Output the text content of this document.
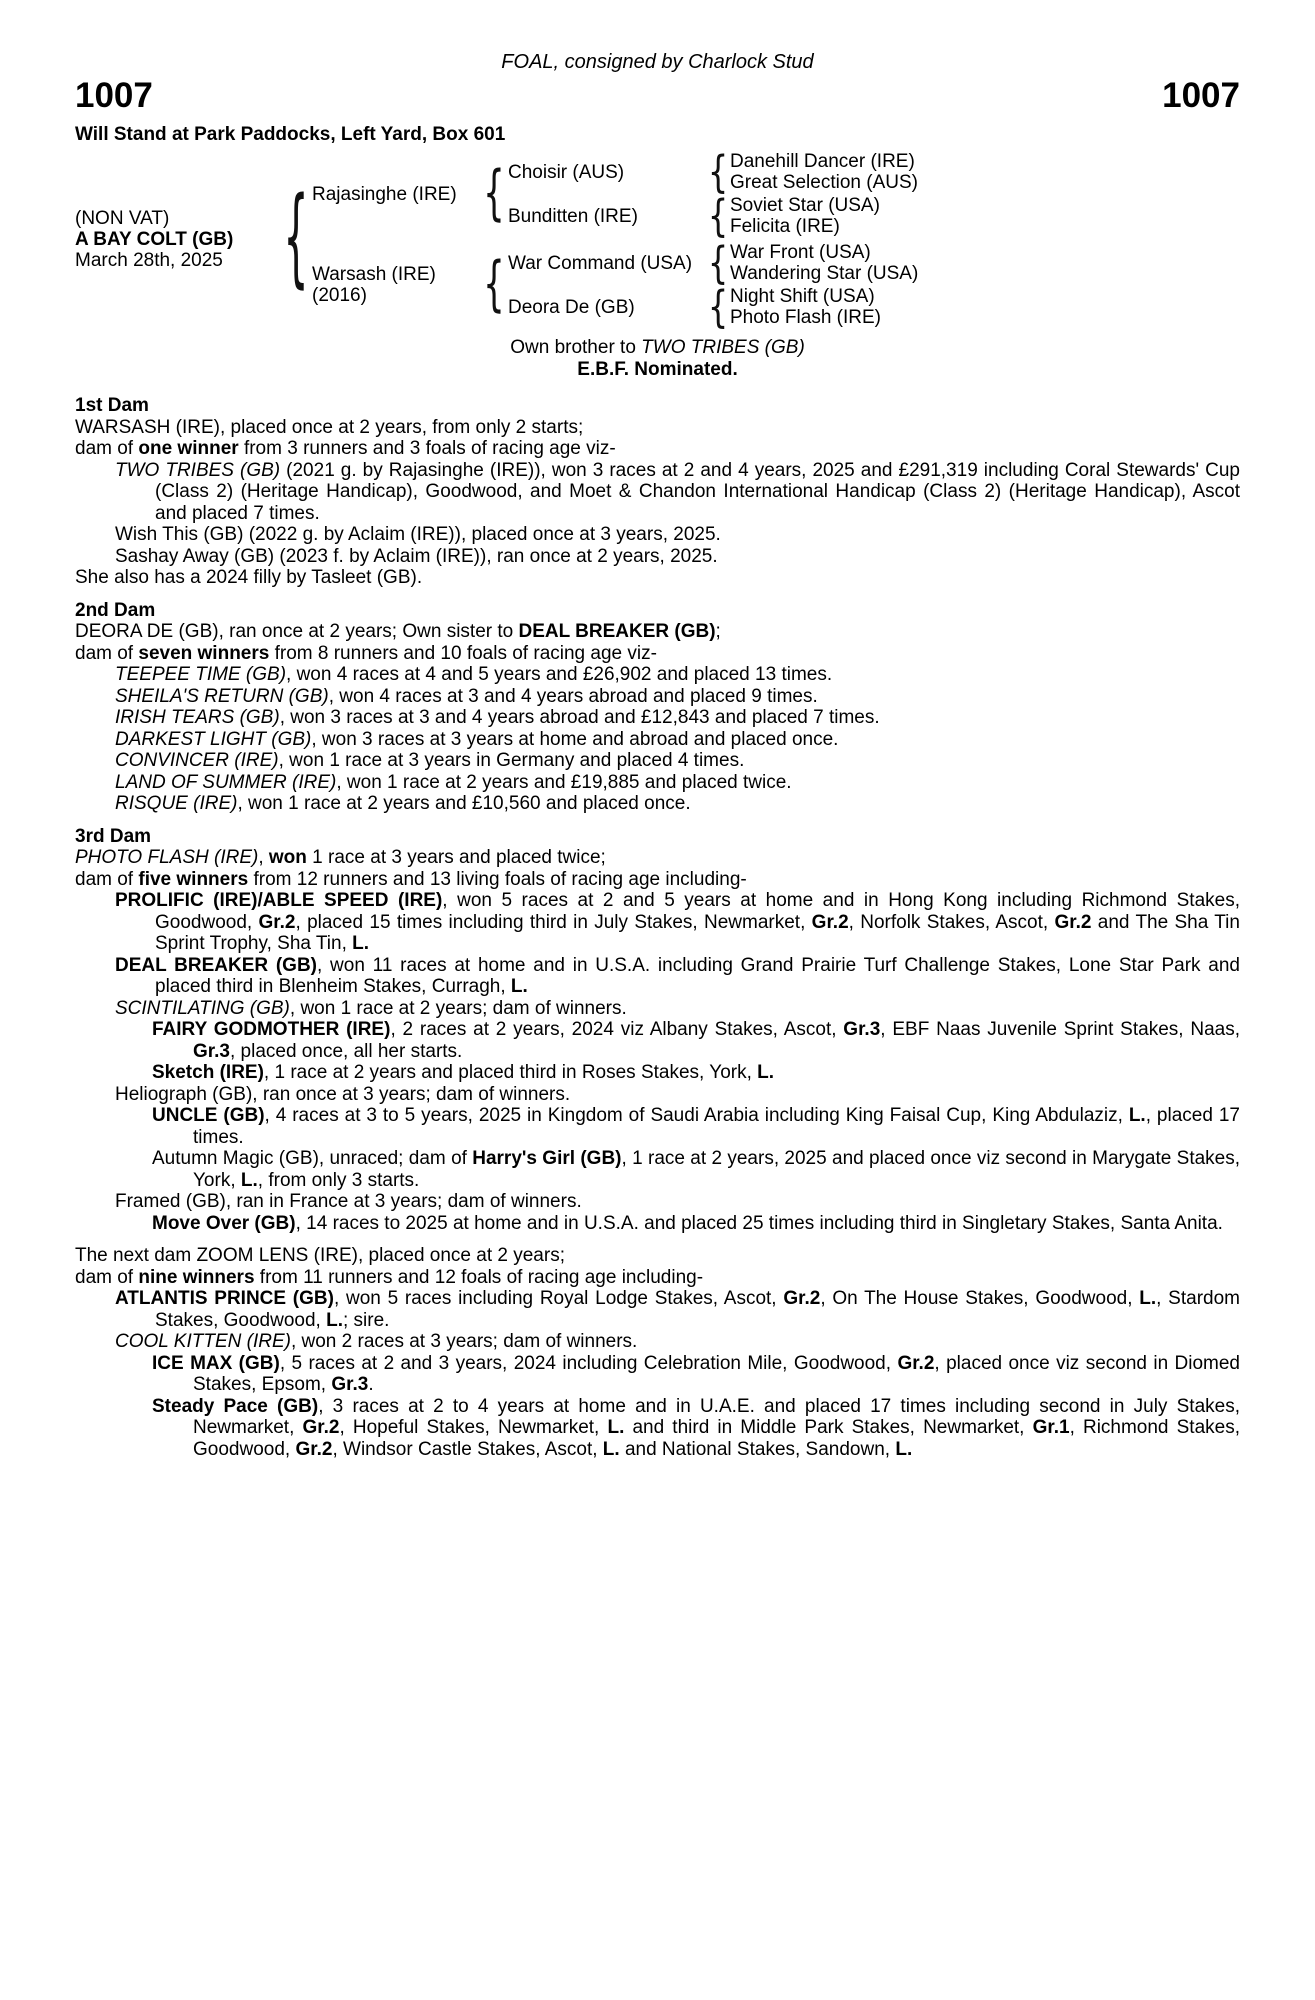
FOAL, consigned by Charlock Stud
1007	1007
Will Stand at Park Paddocks, Left Yard, Box 601
(NON VAT)
A BAY COLT (GB)
March 28th, 2025	{ Rajasinghe (IRE) { Choisir (AUS)	{ Danehill Dancer (IRE)
Great Selection (AUS)
Bunditten (IRE)	{ Soviet Star (USA)
Felicita (IRE)
Warsash (IRE)
(2016)	{ War Command (USA) { War Front (USA)
Wandering Star (USA)
Deora De (GB)	{ Night Shift (USA)
Photo Flash (IRE)
Own brother to TWO TRIBES (GB)
E.B.F. Nominated.
1st Dam
WARSASH (IRE), placed once at 2 years, from only 2 starts;
dam of one winner from 3 runners and 3 foals of racing age viz-
TWO TRIBES (GB) (2021 g. by Rajasinghe (IRE)), won 3 races at 2 and 4 years, 2025 and £291,319 including Coral Stewards' Cup (Class 2) (Heritage Handicap), Goodwood, and Moet & Chandon International Handicap (Class 2) (Heritage Handicap), Ascot and placed 7 times.
Wish This (GB) (2022 g. by Aclaim (IRE)), placed once at 3 years, 2025.
Sashay Away (GB) (2023 f. by Aclaim (IRE)), ran once at 2 years, 2025.
She also has a 2024 filly by Tasleet (GB).
2nd Dam
DEORA DE (GB), ran once at 2 years; Own sister to DEAL BREAKER (GB);
dam of seven winners from 8 runners and 10 foals of racing age viz-
TEEPEE TIME (GB), won 4 races at 4 and 5 years and £26,902 and placed 13 times.
SHEILA'S RETURN (GB), won 4 races at 3 and 4 years abroad and placed 9 times.
IRISH TEARS (GB), won 3 races at 3 and 4 years abroad and £12,843 and placed 7 times.
DARKEST LIGHT (GB), won 3 races at 3 years at home and abroad and placed once.
CONVINCER (IRE), won 1 race at 3 years in Germany and placed 4 times.
LAND OF SUMMER (IRE), won 1 race at 2 years and £19,885 and placed twice.
RISQUE (IRE), won 1 race at 2 years and £10,560 and placed once.
3rd Dam
PHOTO FLASH (IRE), won 1 race at 3 years and placed twice;
dam of five winners from 12 runners and 13 living foals of racing age including-
PROLIFIC (IRE)/ABLE SPEED (IRE), won 5 races at 2 and 5 years at home and in Hong Kong including Richmond Stakes, Goodwood, Gr.2, placed 15 times including third in July Stakes, Newmarket, Gr.2, Norfolk Stakes, Ascot, Gr.2 and The Sha Tin Sprint Trophy, Sha Tin, L.
DEAL BREAKER (GB), won 11 races at home and in U.S.A. including Grand Prairie Turf Challenge Stakes, Lone Star Park and placed third in Blenheim Stakes, Curragh, L.
SCINTILATING (GB), won 1 race at 2 years; dam of winners.
FAIRY GODMOTHER (IRE), 2 races at 2 years, 2024 viz Albany Stakes, Ascot, Gr.3, EBF Naas Juvenile Sprint Stakes, Naas, Gr.3, placed once, all her starts.
Sketch (IRE), 1 race at 2 years and placed third in Roses Stakes, York, L.
Heliograph (GB), ran once at 3 years; dam of winners.
UNCLE (GB), 4 races at 3 to 5 years, 2025 in Kingdom of Saudi Arabia including King Faisal Cup, King Abdulaziz, L., placed 17 times.
Autumn Magic (GB), unraced; dam of Harry's Girl (GB), 1 race at 2 years, 2025 and placed once viz second in Marygate Stakes, York, L., from only 3 starts.
Framed (GB), ran in France at 3 years; dam of winners.
Move Over (GB), 14 races to 2025 at home and in U.S.A. and placed 25 times including third in Singletary Stakes, Santa Anita.
The next dam ZOOM LENS (IRE), placed once at 2 years;
dam of nine winners from 11 runners and 12 foals of racing age including-
ATLANTIS PRINCE (GB), won 5 races including Royal Lodge Stakes, Ascot, Gr.2, On The House Stakes, Goodwood, L., Stardom Stakes, Goodwood, L.; sire.
COOL KITTEN (IRE), won 2 races at 3 years; dam of winners.
ICE MAX (GB), 5 races at 2 and 3 years, 2024 including Celebration Mile, Goodwood, Gr.2, placed once viz second in Diomed Stakes, Epsom, Gr.3.
Steady Pace (GB), 3 races at 2 to 4 years at home and in U.A.E. and placed 17 times including second in July Stakes, Newmarket, Gr.2, Hopeful Stakes, Newmarket, L. and third in Middle Park Stakes, Newmarket, Gr.1, Richmond Stakes, Goodwood, Gr.2, Windsor Castle Stakes, Ascot, L. and National Stakes, Sandown, L.
